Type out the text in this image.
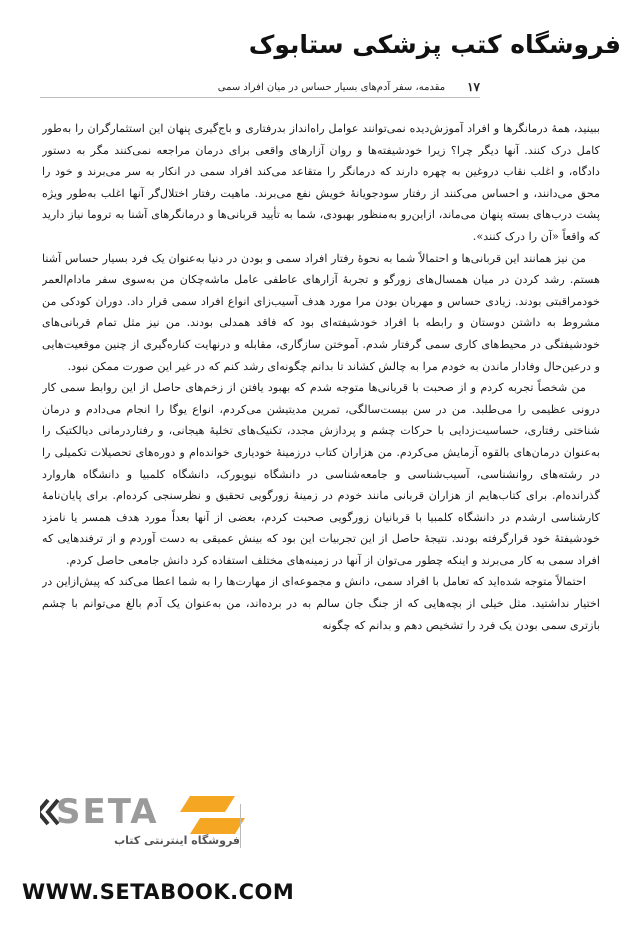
فروشگاه کتب پزشکی ستابوک
۱۷
مقدمه، سفر آدم‌های بسیار حساس در میان افراد سمی

ببینید، همهٔ درمانگرها و افراد آموزش‌دیده نمی‌توانند عوامل راه‌انداز بدرفتاری و باج‌گیری پنهان این استثمارگران را به‌طور کامل درک کنند. آنها دیگر چرا؟ زیرا خودشیفته‌ها و روان آزارهای واقعی برای درمان مراجعه نمی‌کنند مگر به دستور دادگاه، و اغلب نقاب دروغین به چهره دارند که درمانگر را متقاعد می‌کند افراد سمی در انکار به سر می‌برند و خود را محق می‌دانند، و احساس می‌کنند از رفتار سودجویانهٔ خویش نفع می‌برند. ماهیت رفتار اختلال‌گر آنها اغلب به‌طور ویژه پشت درب‌های بسته پنهان می‌ماند، ازاین‌رو به‌منظور بهبودی، شما به تأیید قربانی‌ها و درمانگرهای آشنا به تروما نیاز دارید که واقعاً «آن را درک کنند».

من نیز همانند این قربانی‌ها و احتمالاً شما به نحوهٔ رفتار افراد سمی و بودن در دنیا به‌عنوان یک فرد بسیار حساس آشنا هستم. رشد کردن در میان همسال‌های زورگو و تجربهٔ آزارهای عاطفی عامل ماشه‌چکان من به‌سوی سفر مادام‌العمر خودمراقبتی بودند. زیادی حساس و مهربان بودن مرا مورد هدف آسیب‌زای انواع افراد سمی قرار داد. دوران کودکی من مشروط به داشتن دوستان و رابطه با افراد خودشیفته‌ای بود که فاقد همدلی بودند. من نیز مثل تمام قربانی‌های خودشیفتگی در محیط‌های کاری سمی گرفتار شدم. آموختن سازگاری، مقابله و درنهایت کناره‌گیری از چنین موقعیت‌هایی و درعین‌حال وفادار ماندن به خودم مرا به چالش کشاند تا بدانم چگونه‌ای رشد کنم که در غیر این صورت ممکن نبود.

من شخصاً تجربه کردم و از صحبت با قربانی‌ها متوجه شدم که بهبود یافتن از زخم‌های حاصل از این روابط سمی کار درونی عظیمی را می‌طلبد. من در سن بیست‌سالگی، تمرین مدیتیشن می‌کردم، انواع یوگا را انجام می‌دادم و درمان شناختی رفتاری، حساسیت‌زدایی با حرکات چشم و پردازش مجدد، تکنیک‌های تخلیهٔ هیجانی، و رفتاردرمانی دیالکتیک را به‌عنوان درمان‌های بالقوه آزمایش می‌کردم. من هزاران کتاب درزمینهٔ خودیاری خوانده‌ام و دوره‌های تحصیلات تکمیلی را در رشته‌های روانشناسی، آسیب‌شناسی و جامعه‌شناسی در دانشگاه نیویورک، دانشگاه کلمبیا و دانشگاه هاروارد گذرانده‌ام. برای کتاب‌هایم از هزاران قربانی مانند خودم در زمینهٔ زورگویی تحقیق و نظرسنجی کرده‌ام. برای پایان‌نامهٔ کارشناسی ارشدم در دانشگاه کلمبیا با قربانیان زورگویی صحبت کردم، بعضی از آنها بعداً مورد هدف همسر یا نامزد خودشیفتهٔ خود قرارگرفته بودند. نتیجهٔ حاصل از این تجربیات این بود که بینش عمیقی به دست آوردم و از ترفندهایی که افراد سمی به کار می‌برند و اینکه چطور می‌توان از آنها در زمینه‌های مختلف استفاده کرد دانش جامعی حاصل کردم.

احتمالاً متوجه شده‌اید که تعامل با افراد سمی، دانش و مجموعه‌ای از مهارت‌ها را به شما اعطا می‌کند که پیش‌ازاین در اختیار نداشتید. مثل خیلی از بچه‌هایی که از جنگ جان سالم به در برده‌اند، من به‌عنوان یک آدم بالغ می‌توانم با چشم بازتری سمی بودن یک فرد را تشخیص دهم و بدانم که چگونه

SETA
فروشگاه اینترنتی کتاب
WWW.SETABOOK.COM
